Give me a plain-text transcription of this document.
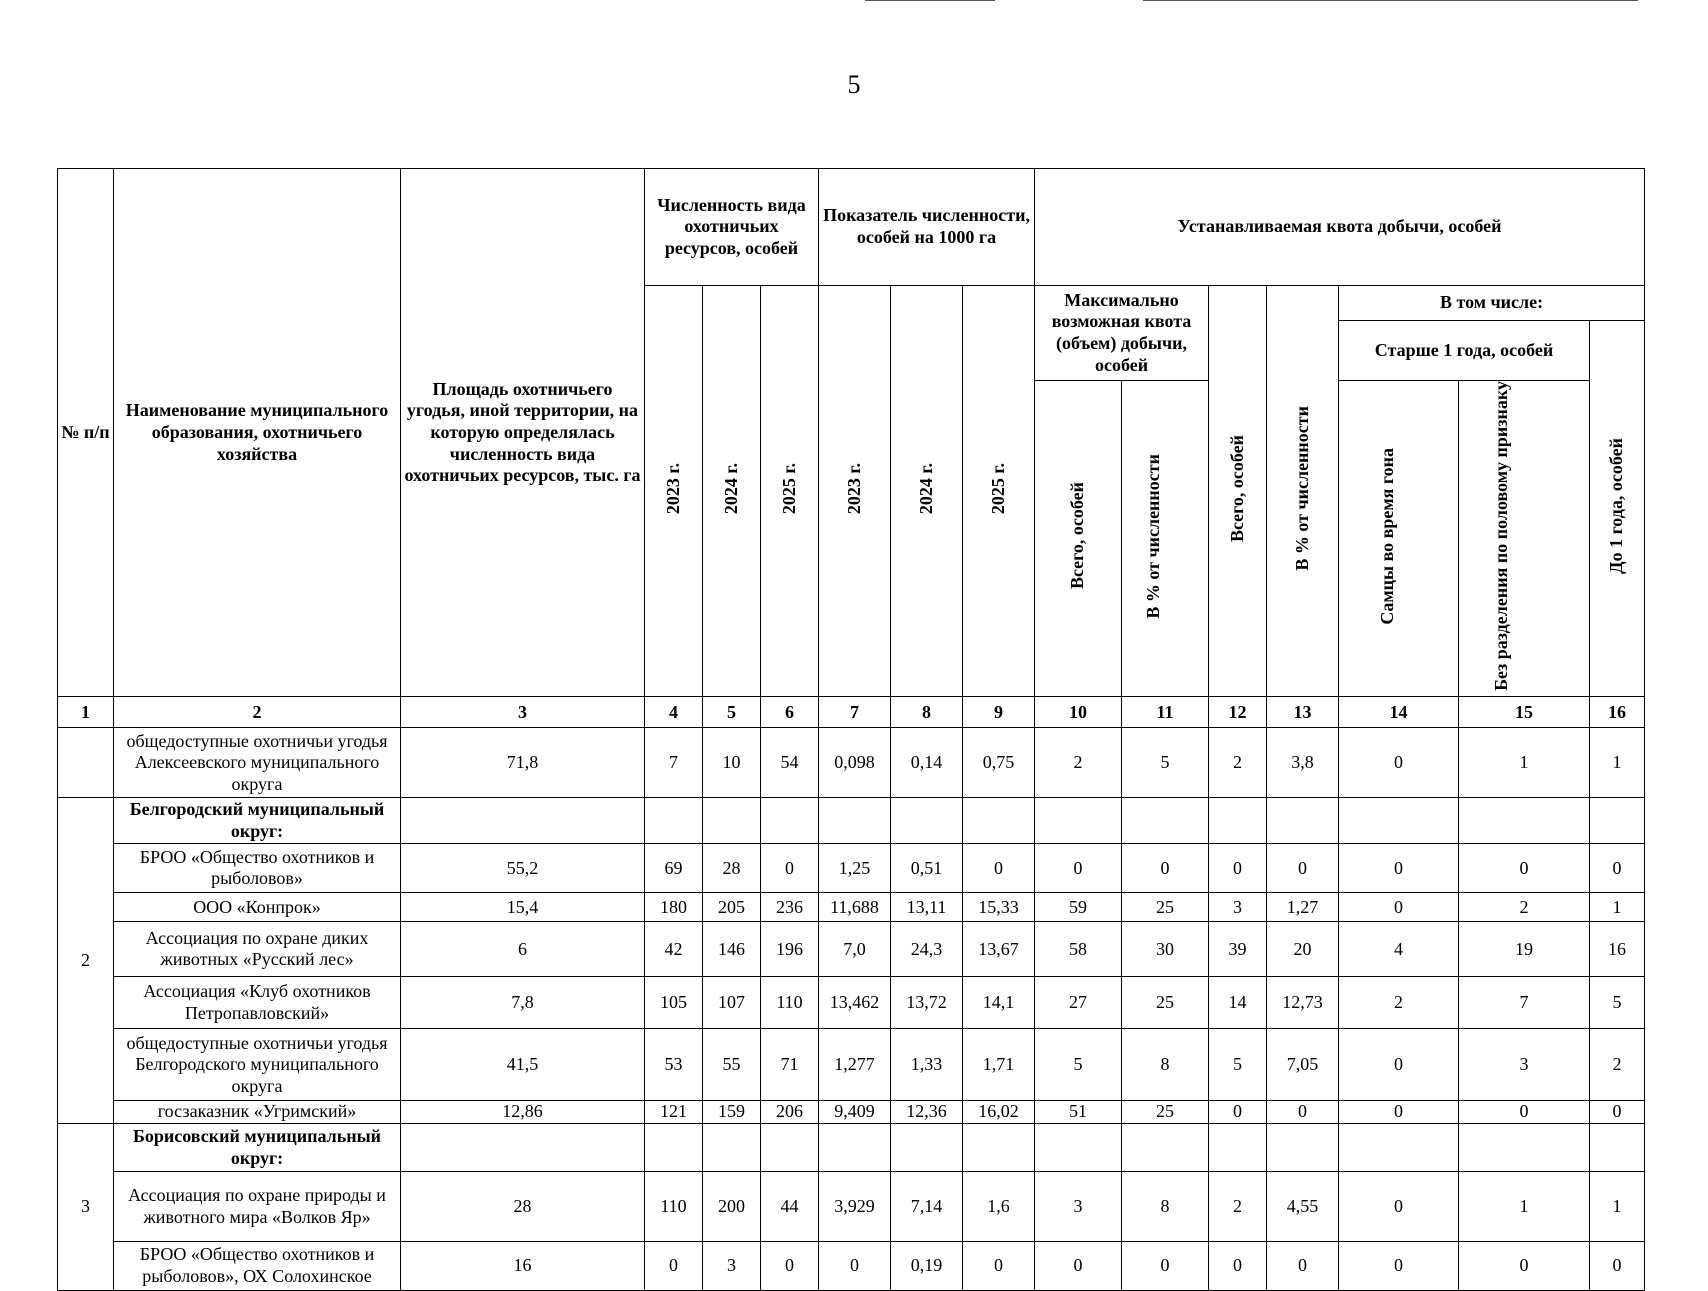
5
№ п/п	Наименование муниципального образования, охотничьего хозяйства	Площадь охотничьего угодья, иной территории, на которую определялась численность вида охотничьих ресурсов, тыс. га	Численность вида охотничьих ресурсов, особей			Показатель численности, особей на 1000 га			Устанавливаемая квота добычи, особей						
			2023 г.	2024 г.	2025 г.	2023 г.	2024 г.	2025 г.	Максимально возможная квота (объем) добычи, особей		Всего, особей	В % от численности	В том числе:		
													Старше 1 года, особей		До 1 года, особей
									Всего, особей	В % от численности			Самцы во время гона	Без разделения по половому признаку	
1	2	3	4	5	6	7	8	9	10	11	12	13	14	15	16
	общедоступные охотничьи угодья Алексеевского муниципального округа	71,8	7	10	54	0,098	0,14	0,75	2	5	2	3,8	0	1	1
2	Белгородский муниципальный округ:														
	БРОО «Общество охотников и рыболовов»	55,2	69	28	0	1,25	0,51	0	0	0	0	0	0	0	0
	ООО «Конпрок»	15,4	180	205	236	11,688	13,11	15,33	59	25	3	1,27	0	2	1
	Ассоциация по охране диких животных «Русский лес»	6	42	146	196	7,0	24,3	13,67	58	30	39	20	4	19	16
	Ассоциация «Клуб охотников Петропавловский»	7,8	105	107	110	13,462	13,72	14,1	27	25	14	12,73	2	7	5
	общедоступные охотничьи угодья Белгородского муниципального округа	41,5	53	55	71	1,277	1,33	1,71	5	8	5	7,05	0	3	2
	госзаказник «Угримский»	12,86	121	159	206	9,409	12,36	16,02	51	25	0	0	0	0	0
3	Борисовский муниципальный округ:														
	Ассоциация по охране природы и животного мира «Волков Яр»	28	110	200	44	3,929	7,14	1,6	3	8	2	4,55	0	1	1
	БРОО «Общество охотников и рыболовов», ОХ Солохинское	16	0	3	0	0	0,19	0	0	0	0	0	0	0	0
